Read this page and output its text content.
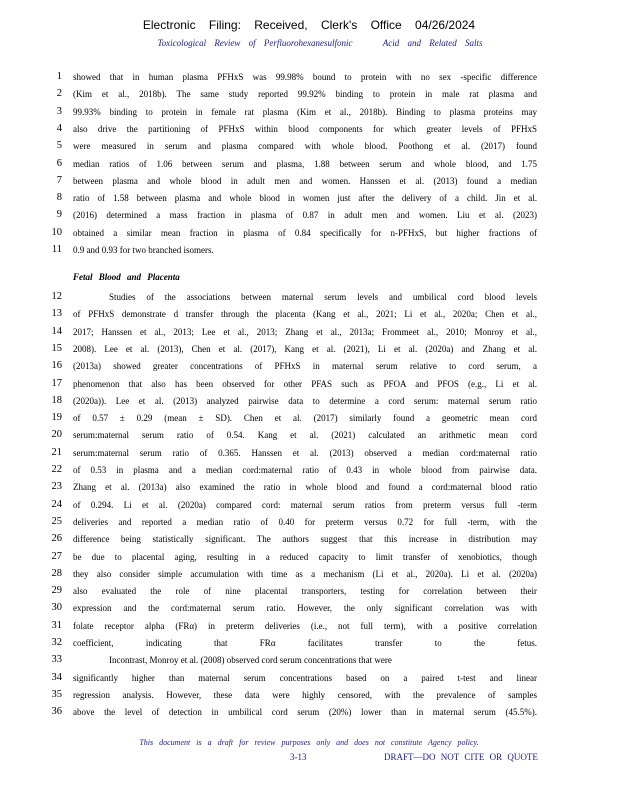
Electronic Filing: Received, Clerk's Office 04/26/2024
Toxicological Review of Perfluorohexanesulfonic	Acid and Related Salts
1 showed that in human plasma PFHxS was 99.98% bound to protein with no sex -specific difference
2 (Kim et al., 2018b). The same study reported 99.92% binding to protein in male rat plasma and
3 99.93% binding to protein in female rat plasma (Kim et al., 2018b). Binding to plasma proteins may
4 also drive the partitioning of PFHxS within blood components for which greater levels of PFHxS
5 were measured in serum and plasma compared with whole blood. Poothong et al. (2017) found
6 median ratios of 1.06 between serum and plasma, 1.88 between serum and whole blood, and 1.75
7 between plasma and whole blood in adult men and women. Hanssen et al. (2013) found a median
8 ratio of 1.58 between plasma and whole blood in women just after the delivery of a child. Jin et al.
9 (2016) determined a mass fraction in plasma of 0.87 in adult men and women. Liu et al. (2023)
10 obtained a similar mean fraction in plasma of 0.84 specifically for n-PFHxS, but higher fractions of
11 0.9 and 0.93 for two branched isomers.
Fetal Blood and Placenta
12	Studies of the associations between maternal serum levels and umbilical cord blood levels
13 of PFHxS demonstrate d transfer through the placenta (Kang et al., 2021; Li et al., 2020a; Chen et al.,
14 2017; Hanssen et al., 2013; Lee et al., 2013; Zhang et al., 2013a; Frommeet al., 2010; Monroy et al.,
15 2008). Lee et al. (2013), Chen et al. (2017), Kang et al. (2021), Li et al. (2020a) and Zhang et al.
16 (2013a) showed greater concentrations of PFHxS in maternal serum relative to cord serum, a
17 phenomenon that also has been observed for other PFAS such as PFOA and PFOS (e.g., Li et al.
18 (2020a)). Lee et al. (2013) analyzed pairwise data to determine a cord serum: maternal serum ratio
19 of 0.57 ± 0.29 (mean ± SD). Chen et al. (2017) similarly found a geometric mean cord
20 serum:maternal serum ratio of 0.54. Kang et al. (2021) calculated an arithmetic mean cord
21 serum:maternal serum ratio of 0.365. Hanssen et al. (2013) observed a median cord:maternal ratio
22 of 0.53 in plasma and a median cord:maternal ratio of 0.43 in whole blood from pairwise data.
23 Zhang et al. (2013a) also examined the ratio in whole blood and found a cord:maternal blood ratio
24 of 0.294. Li et al. (2020a) compared cord: maternal serum ratios from preterm versus full -term
25 deliveries and reported a median ratio of 0.40 for preterm versus 0.72 for full -term, with the
26 difference being statistically significant. The authors suggest that this increase in distribution may
27 be due to placental aging, resulting in a reduced capacity to limit transfer of xenobiotics, though
28 they also consider simple accumulation with time as a mechanism (Li et al., 2020a). Li et al. (2020a)
29 also evaluated the role of nine placental transporters, testing for correlation between their
30 expression and the cord:maternal serum ratio. However, the only significant correlation was with
31 folate receptor alpha (FRα) in preterm deliveries (i.e., not full term), with a positive correlation
32 coefficient, indicating that FRα facilitates transfer to the fetus.
33	Incontrast, Monroy et al. (2008) observed cord serum concentrations that were
34 significantly higher than maternal serum concentrations based on a paired t-test and linear
35 regression analysis. However, these data were highly censored, with the prevalence of samples
36 above the level of detection in umbilical cord serum (20%) lower than in maternal serum (45.5%).
This document is a draft for review purposes only and does not constitute Agency policy.
3-13	DRAFT—DO NOT CITE OR QUOTE
